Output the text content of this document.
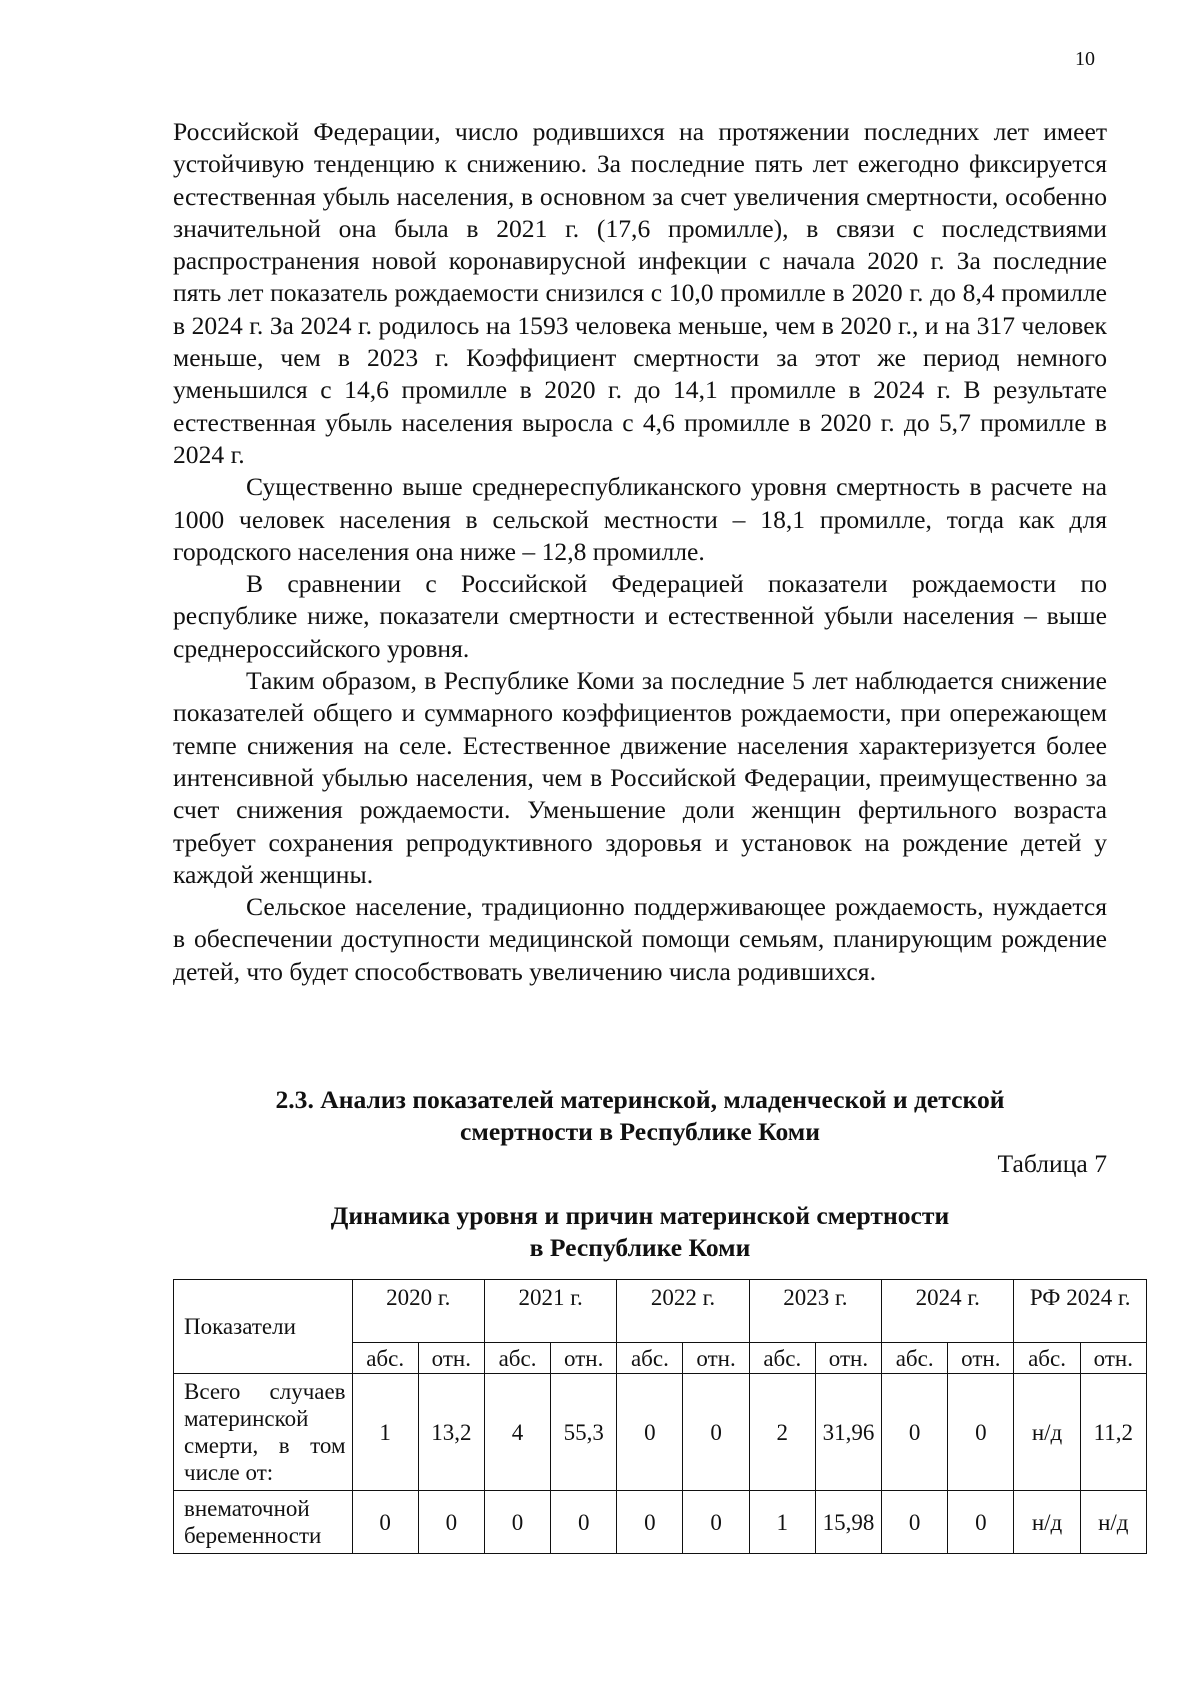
10

Российской Федерации, число родившихся на протяжении последних лет имеет устойчивую тенденцию к снижению. За последние пять лет ежегодно фиксируется естественная убыль населения, в основном за счет увеличения смертности, особенно значительной она была в 2021 г. (17,6 промилле), в связи с последствиями распространения новой коронавирусной инфекции с начала 2020 г. За последние пять лет показатель рождаемости снизился с 10,0 промилле в 2020 г. до 8,4 промилле в 2024 г. За 2024 г. родилось на 1593 человека меньше, чем в 2020 г., и на 317 человек меньше, чем в 2023 г. Коэффициент смертности за этот же период немного уменьшился с 14,6 промилле в 2020 г. до 14,1 промилле в 2024 г. В результате естественная убыль населения выросла с 4,6 промилле в 2020 г. до 5,7 промилле в 2024 г.

Существенно выше среднереспубликанского уровня смертность в расчете на 1000 человек населения в сельской местности – 18,1 промилле, тогда как для городского населения она ниже – 12,8 промилле.

В сравнении с Российской Федерацией показатели рождаемости по республике ниже, показатели смертности и естественной убыли населения – выше среднероссийского уровня.

Таким образом, в Республике Коми за последние 5 лет наблюдается снижение показателей общего и суммарного коэффициентов рождаемости, при опережающем темпе снижения на селе. Естественное движение населения характеризуется более интенсивной убылью населения, чем в Российской Федерации, преимущественно за счет снижения рождаемости. Уменьшение доли женщин фертильного возраста требует сохранения репродуктивного здоровья и установок на рождение детей у каждой женщины.

Сельское население, традиционно поддерживающее рождаемость, нуждается в обеспечении доступности медицинской помощи семьям, планирующим рождение детей, что будет способствовать увеличению числа родившихся.

2.3. Анализ показателей материнской, младенческой и детской
смертности в Республике Коми
Таблица 7
Динамика уровня и причин материнской смертности
в Республике Коми
Показатели	2020 г.		2021 г.		2022 г.		2023 г.		2024 г.		РФ 2024 г.	
	абс.	отн.	абс.	отн.	абс.	отн.	абс.	отн.	абс.	отн.	абс.	отн.
Всего случаев материнской смерти, в том числе от:	1	13,2	4	55,3	0	0	2	31,96	0	0	н/д	11,2
внематочной беременности	0	0	0	0	0	0	1	15,98	0	0	н/д	н/д
